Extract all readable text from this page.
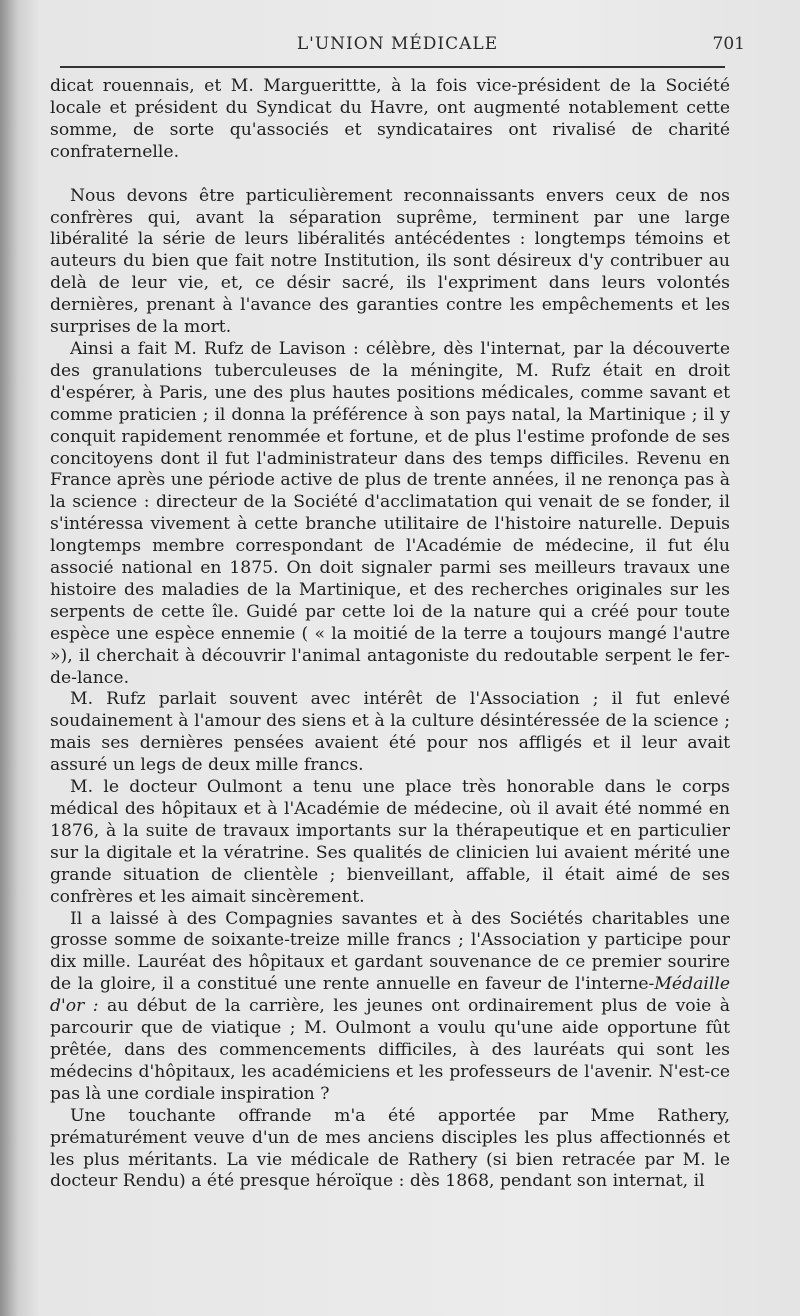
L'UNION MÉDICALE	701

dicat rouennais, et M. Marguerittte, à la fois vice-président de la Société locale et président du Syndicat du Havre, ont augmenté notablement cette somme, de sorte qu'associés et syndicataires ont rivalisé de charité confraternelle.

Nous devons être particulièrement reconnaissants envers ceux de nos confrères qui, avant la séparation suprême, terminent par une large libéralité la série de leurs libéralités antécédentes : longtemps témoins et auteurs du bien que fait notre Institution, ils sont désireux d'y contribuer au delà de leur vie, et, ce désir sacré, ils l'expriment dans leurs volontés dernières, prenant à l'avance des garanties contre les empêchements et les surprises de la mort.

Ainsi a fait M. Rufz de Lavison : célèbre, dès l'internat, par la découverte des granulations tuberculeuses de la méningite, M. Rufz était en droit d'espérer, à Paris, une des plus hautes positions médicales, comme savant et comme praticien ; il donna la préférence à son pays natal, la Martinique ; il y conquit rapidement renommée et fortune, et de plus l'estime profonde de ses concitoyens dont il fut l'administrateur dans des temps difficiles. Revenu en France après une période active de plus de trente années, il ne renonça pas à la science : directeur de la Société d'acclimatation qui venait de se fonder, il s'intéressa vivement à cette branche utilitaire de l'histoire naturelle. Depuis longtemps membre correspondant de l'Académie de médecine, il fut élu associé national en 1875. On doit signaler parmi ses meilleurs travaux une histoire des maladies de la Martinique, et des recherches originales sur les serpents de cette île. Guidé par cette loi de la nature qui a créé pour toute espèce une espèce ennemie ( « la moitié de la terre a toujours mangé l'autre »), il cherchait à découvrir l'animal antagoniste du redoutable serpent le fer-de-lance.

M. Rufz parlait souvent avec intérêt de l'Association ; il fut enlevé soudainement à l'amour des siens et à la culture désintéressée de la science ; mais ses dernières pensées avaient été pour nos affligés et il leur avait assuré un legs de deux mille francs.

M. le docteur Oulmont a tenu une place très honorable dans le corps médical des hôpitaux et à l'Académie de médecine, où il avait été nommé en 1876, à la suite de travaux importants sur la thérapeutique et en particulier sur la digitale et la vératrine. Ses qualités de clinicien lui avaient mérité une grande situation de clientèle ; bienveillant, affable, il était aimé de ses confrères et les aimait sincèrement.

Il a laissé à des Compagnies savantes et à des Sociétés charitables une grosse somme de soixante-treize mille francs ; l'Association y participe pour dix mille. Lauréat des hôpitaux et gardant souvenance de ce premier sourire de la gloire, il a constitué une rente annuelle en faveur de l'interne-Médaille d'or : au début de la carrière, les jeunes ont ordinairement plus de voie à parcourir que de viatique ; M. Oulmont a voulu qu'une aide opportune fût prêtée, dans des commencements difficiles, à des lauréats qui sont les médecins d'hôpitaux, les académiciens et les professeurs de l'avenir. N'est-ce pas là une cordiale inspiration ?

Une touchante offrande m'a été apportée par Mme Rathery, prématurément veuve d'un de mes anciens disciples les plus affectionnés et les plus méritants. La vie médicale de Rathery (si bien retracée par M. le docteur Rendu) a été presque héroïque : dès 1868, pendant son internat, il
